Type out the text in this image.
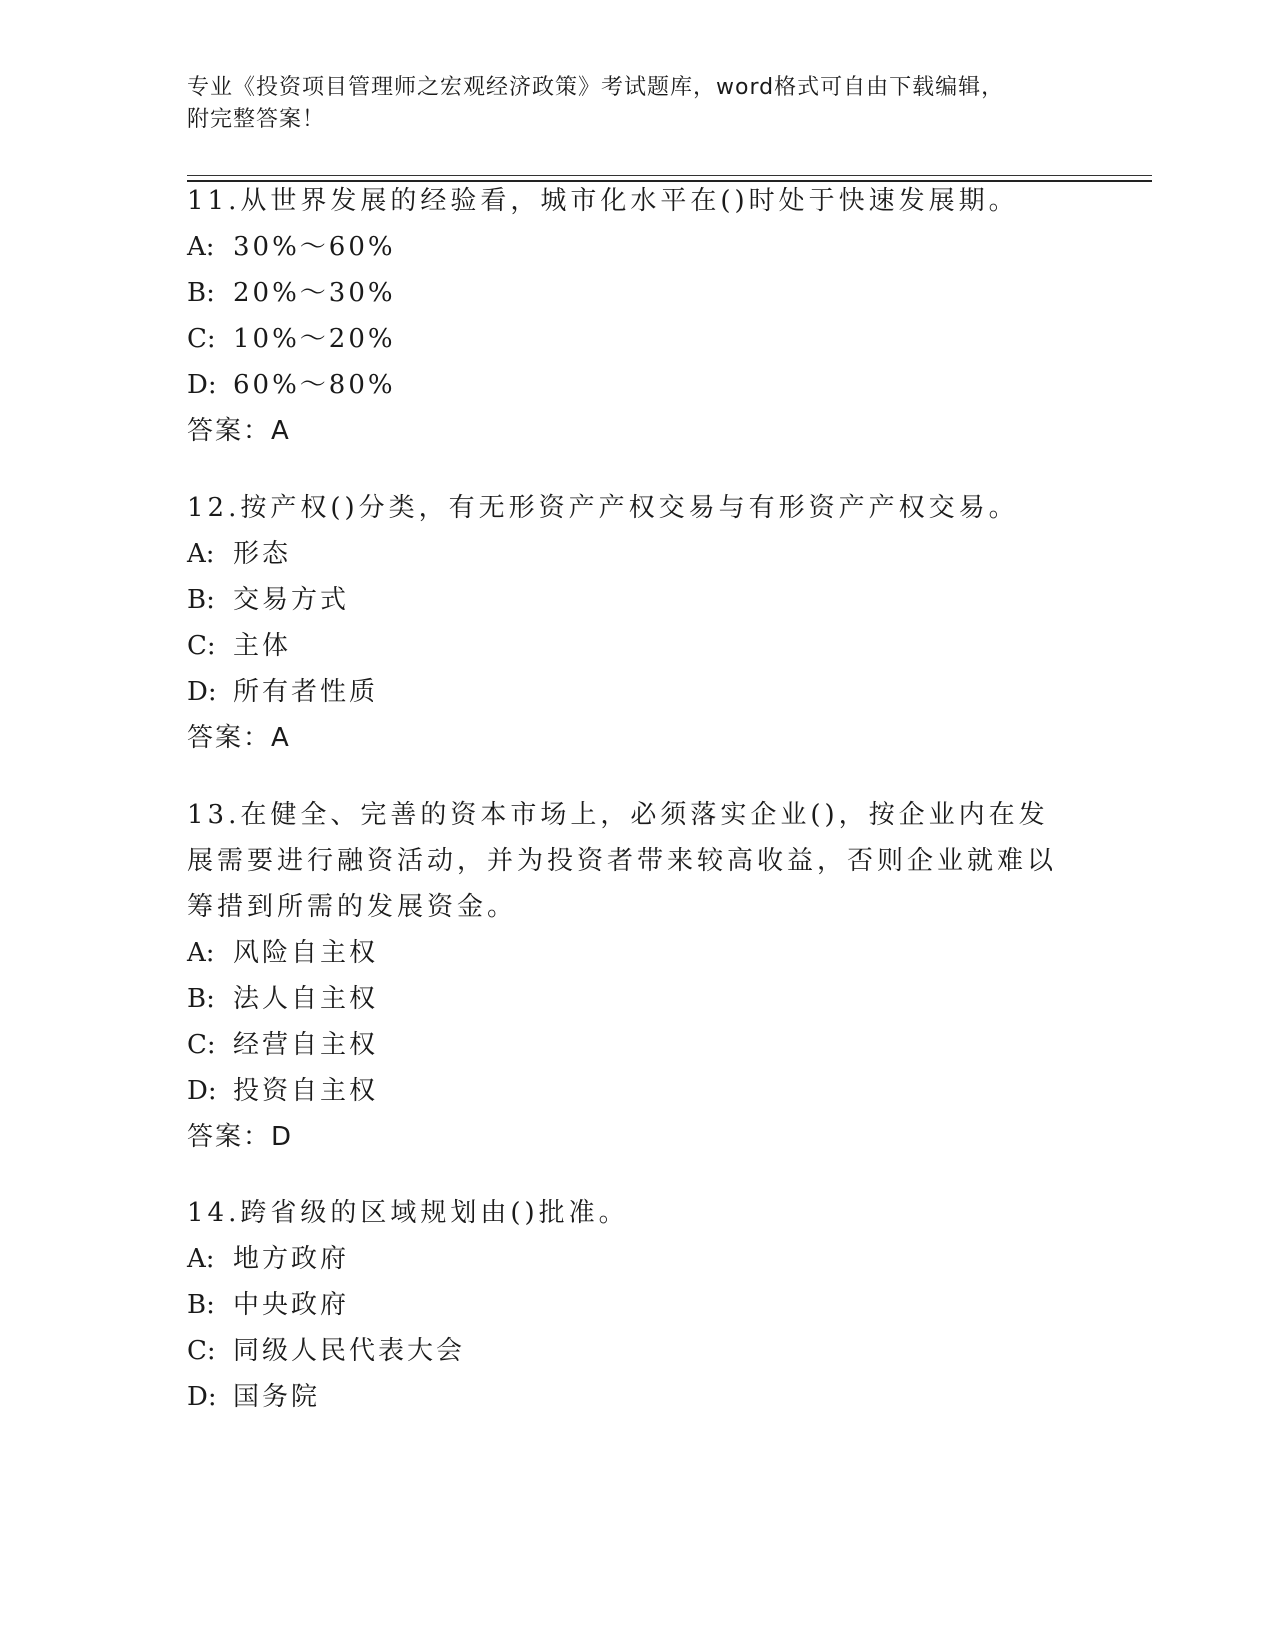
专业《投资项目管理师之宏观经济政策》考试题库，word格式可自由下载编辑，
附完整答案！

11.从世界发展的经验看，城市化水平在()时处于快速发展期。

A: 30%～60%

B: 20%～30%

C: 10%～20%

D: 60%～80%

答案：A

12.按产权()分类，有无形资产产权交易与有形资产产权交易。

A: 形态

B: 交易方式

C: 主体

D: 所有者性质

答案：A

13.在健全、完善的资本市场上，必须落实企业()，按企业内在发展需要进行融资活动，并为投资者带来较高收益，否则企业就难以筹措到所需的发展资金。

A: 风险自主权

B: 法人自主权

C: 经营自主权

D: 投资自主权

答案：D

14.跨省级的区域规划由()批准。

A: 地方政府

B: 中央政府

C: 同级人民代表大会

D: 国务院
